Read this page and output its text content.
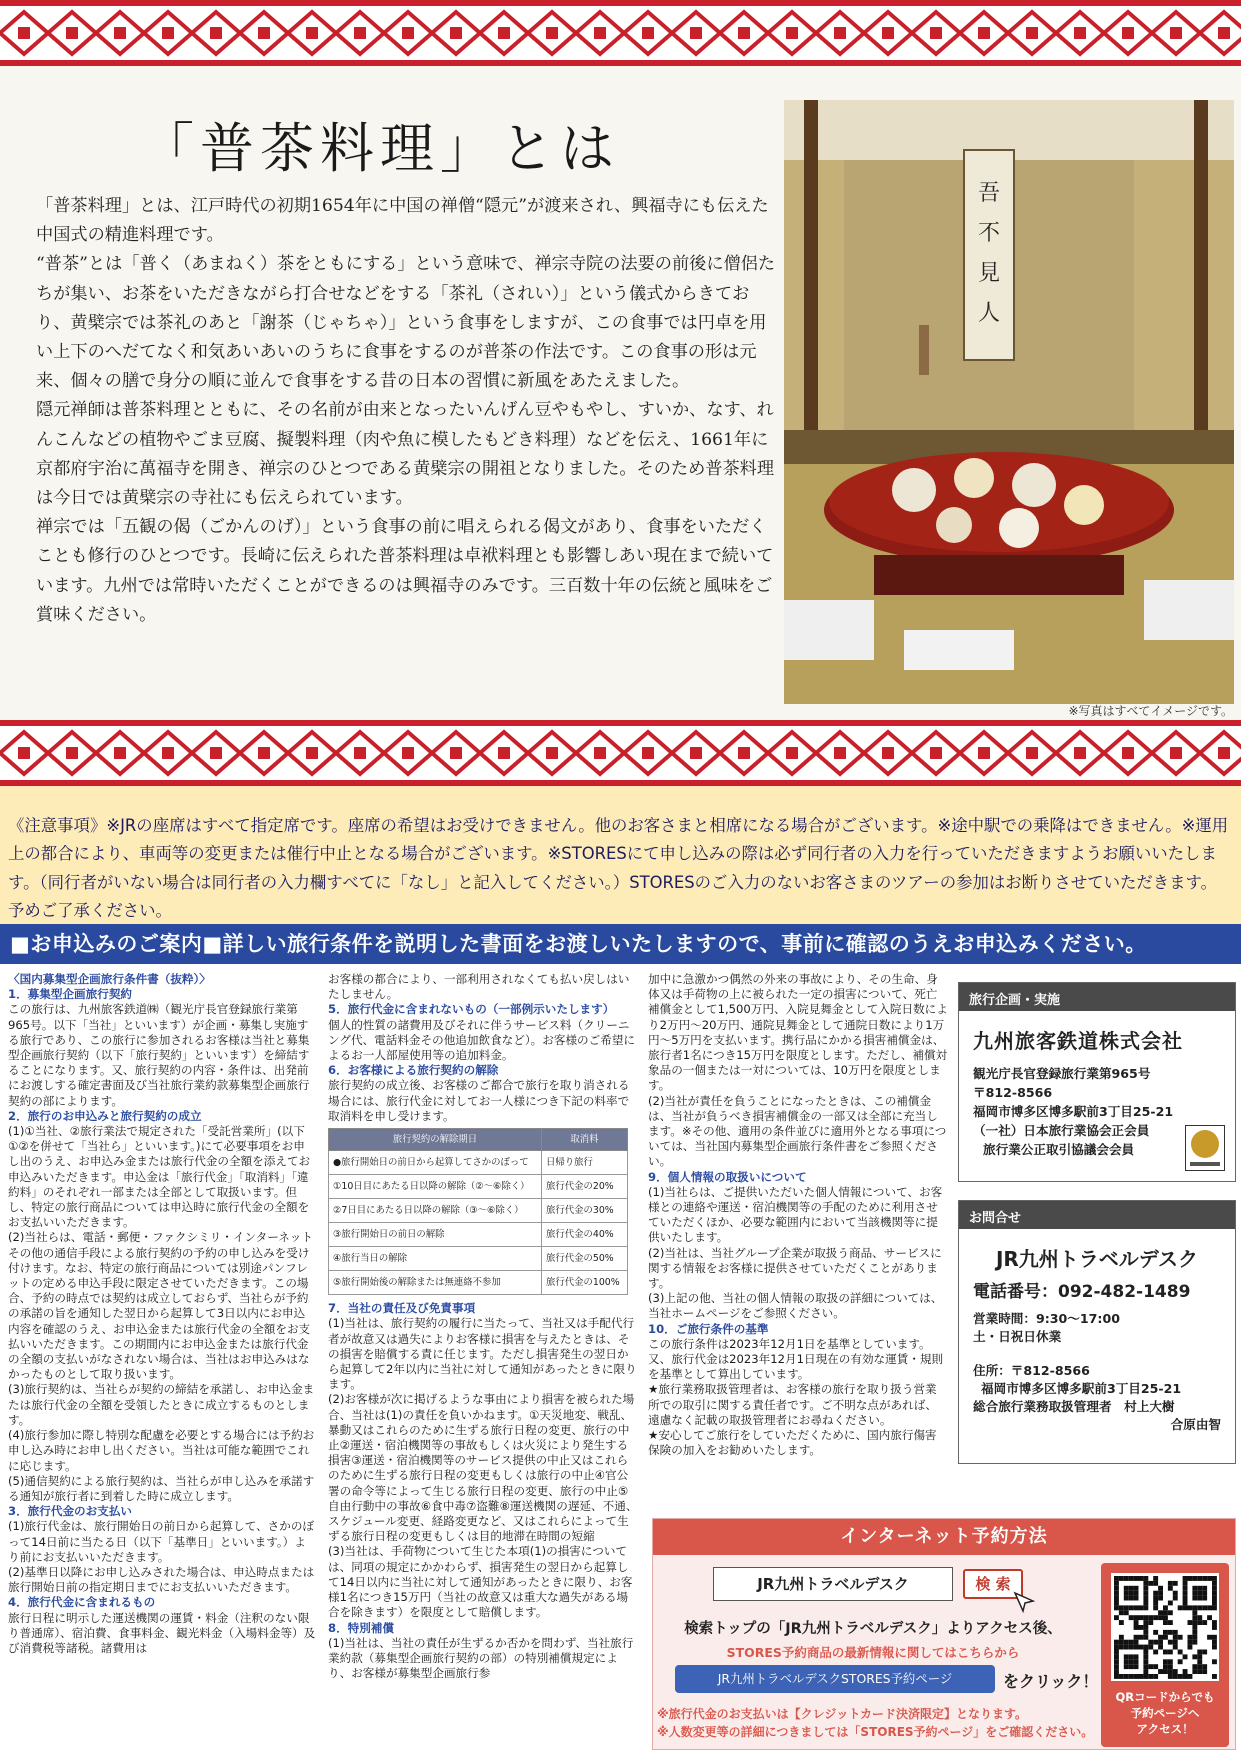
「普茶料理」とは

「普茶料理」とは、江戸時代の初期1654年に中国の禅僧“隠元”が渡来され、興福寺にも伝えた中国式の精進料理です。

“普茶”とは「普く（あまねく）茶をともにする」という意味で、禅宗寺院の法要の前後に僧侶たちが集い、お茶をいただきながら打合せなどをする「茶礼（されい）」という儀式からきており、黄檗宗では茶礼のあと「謝茶（じゃちゃ）」という食事をしますが、この食事では円卓を用い上下のへだてなく和気あいあいのうちに食事をするのが普茶の作法です。この食事の形は元来、個々の膳で身分の順に並んで食事をする昔の日本の習慣に新風をあたえました。

隠元禅師は普茶料理とともに、その名前が由来となったいんげん豆やもやし、すいか、なす、れんこんなどの植物やごま豆腐、擬製料理（肉や魚に模したもどき料理）などを伝え、1661年に京都府宇治に萬福寺を開き、禅宗のひとつである黄檗宗の開祖となりました。そのため普茶料理は今日では黄檗宗の寺社にも伝えられています。

禅宗では「五観の偈（ごかんのげ）」という食事の前に唱えられる偈文があり、食事をいただくことも修行のひとつです。長崎に伝えられた普茶料理は卓袱料理とも影響しあい現在まで続いています。九州では常時いただくことができるのは興福寺のみです。三百数十年の伝統と風味をご賞味ください。

吾
不
見
人
※写真はすべてイメージです。
《注意事項》※JRの座席はすべて指定席です。座席の希望はお受けできません。他のお客さまと相席になる場合がございます。※途中駅での乗降はできません。※運用上の都合により、車両等の変更または催行中止となる場合がございます。※STORESにて申し込みの際は必ず同行者の入力を行っていただきますようお願いいたします。（同行者がいない場合は同行者の入力欄すべてに「なし」と記入してください。）STORESのご入力のないお客さまのツアーの参加はお断りさせていただきます。予めご了承ください。
■お申込みのご案内■詳しい旅行条件を説明した書面をお渡しいたしますので、事前に確認のうえお申込みください。

〈国内募集型企画旅行条件書（抜粋）〉

1．募集型企画旅行契約

この旅行は、九州旅客鉄道㈱（観光庁長官登録旅行業第965号。以下「当社」といいます）が企画・募集し実施する旅行であり、この旅行に参加されるお客様は当社と募集型企画旅行契約（以下「旅行契約」といいます）を締結することになります。又、旅行契約の内容・条件は、出発前にお渡しする確定書面及び当社旅行業約款募集型企画旅行契約の部によります。

2．旅行のお申込みと旅行契約の成立

(1)①当社、②旅行業法で規定された「受託営業所」(以下①②を併せて「当社ら」といいます。)にて必要事項をお申し出のうえ、お申込み金または旅行代金の全額を添えてお申込みいただきます。申込金は「旅行代金」「取消料」「違約料」のそれぞれ一部または全部として取扱います。但し、特定の旅行商品については申込時に旅行代金の全額をお支払いいただきます。

(2)当社らは、電話・郵便・ファクシミリ・インターネットその他の通信手段による旅行契約の予約の申し込みを受け付けます。なお、特定の旅行商品については別途パンフレットの定める申込手段に限定させていただきます。この場合、予約の時点では契約は成立しておらず、当社らが予約の承諾の旨を通知した翌日から起算して3日以内にお申込内容を確認のうえ、お申込金または旅行代金の全額をお支払いいただきます。この期間内にお申込金または旅行代金の全額の支払いがなされない場合は、当社はお申込みはなかったものとして取り扱います。

(3)旅行契約は、当社らが契約の締結を承諾し、お申込金または旅行代金の全額を受領したときに成立するものとします。

(4)旅行参加に際し特別な配慮を必要とする場合には予約お申し込み時にお申し出ください。当社は可能な範囲でこれに応じます。

(5)通信契約による旅行契約は、当社らが申し込みを承諾する通知が旅行者に到着した時に成立します。

3．旅行代金のお支払い

(1)旅行代金は、旅行開始日の前日から起算して、さかのぼって14日前に当たる日（以下「基準日」といいます。）より前にお支払いいただきます。

(2)基準日以降にお申し込みされた場合は、申込時点または旅行開始日前の指定期日までにお支払いいただきます。

4．旅行代金に含まれるもの

旅行日程に明示した運送機関の運賃・料金（注釈のない限り普通席）、宿泊費、食事料金、観光料金（入場料金等）及び消費税等諸税。諸費用は

お客様の都合により、一部利用されなくても払い戻しはいたしません。

5．旅行代金に含まれないもの（一部例示いたします）

個人的性質の諸費用及びそれに伴うサービス料（クリーニング代、電話料金その他追加飲食など）。お客様のご希望によるお一人部屋使用等の追加料金。

6．お客様による旅行契約の解除

旅行契約の成立後、お客様のご都合で旅行を取り消される場合には、旅行代金に対してお一人様につき下記の料率で取消料を申し受けます。

旅行契約の解除期日	取消料
●旅行開始日の前日から起算してさかのぼって	日帰り旅行
①10日目にあたる日以降の解除（②～⑥除く）	旅行代金の20%
②7日目にあたる日以降の解除（③～⑥除く）	旅行代金の30%
③旅行開始日の前日の解除	旅行代金の40%
④旅行当日の解除	旅行代金の50%
⑤旅行開始後の解除または無連絡不参加	旅行代金の100%

7．当社の責任及び免責事項

(1)当社は、旅行契約の履行に当たって、当社又は手配代行者が故意又は過失によりお客様に損害を与えたときは、その損害を賠償する責に任じます。ただし損害発生の翌日から起算して2年以内に当社に対して通知があったときに限ります。

(2)お客様が次に掲げるような事由により損害を被られた場合、当社は(1)の責任を負いかねます。①天災地変、戦乱、暴動又はこれらのために生ずる旅行日程の変更、旅行の中止②運送・宿泊機関等の事故もしくは火災により発生する損害③運送・宿泊機関等のサービス提供の中止又はこれらのために生ずる旅行日程の変更もしくは旅行の中止④官公署の命令等によって生じる旅行日程の変更、旅行の中止⑤自由行動中の事故⑥食中毒⑦盗難⑧運送機関の遅延、不通、スケジュール変更、経路変更など、又はこれらによって生ずる旅行日程の変更もしくは目的地滞在時間の短縮

(3)当社は、手荷物について生じた本項(1)の損害については、同項の規定にかかわらず、損害発生の翌日から起算して14日以内に当社に対して通知があったときに限り、お客様1名につき15万円（当社の故意又は重大な過失がある場合を除きます）を限度として賠償します。

8．特別補償

(1)当社は、当社の責任が生ずるか否かを問わず、当社旅行業約款（募集型企画旅行契約の部）の特別補償規定により、お客様が募集型企画旅行参

加中に急激かつ偶然の外来の事故により、その生命、身体又は手荷物の上に被られた一定の損害について、死亡補償金として1,500万円、入院見舞金として入院日数により2万円～20万円、通院見舞金として通院日数により1万円～5万円を支払います。携行品にかかる損害補償金は、旅行者1名につき15万円を限度とします。ただし、補償対象品の一個または一対については、10万円を限度とします。

(2)当社が責任を負うことになったときは、この補償金は、当社が負うべき損害補償金の一部又は全部に充当します。※その他、適用の条件並びに適用外となる事項については、当社国内募集型企画旅行条件書をご参照ください。

9．個人情報の取扱いについて

(1)当社らは、ご提供いただいた個人情報について、お客様との連絡や運送・宿泊機関等の手配のために利用させていただくほか、必要な範囲内において当該機関等に提供いたします。

(2)当社は、当社グループ企業が取扱う商品、サービスに関する情報をお客様に提供させていただくことがあります。

(3)上記の他、当社の個人情報の取扱の詳細については、当社ホームページをご参照ください。

10．ご旅行条件の基準

この旅行条件は2023年12月1日を基準としています。又、旅行代金は2023年12月1日現在の有効な運賃・規則を基準として算出しています。

★旅行業務取扱管理者は、お客様の旅行を取り扱う営業所での取引に関する責任者です。ご不明な点があれば、遠慮なく記載の取扱管理者にお尋ねください。

★安心してご旅行をしていただくために、国内旅行傷害保険の加入をお勧めいたします。

旅行企画・実施
九州旅客鉄道株式会社
観光庁長官登録旅行業第965号
〒812-8566
福岡市博多区博多駅前3丁目25-21
（一社）日本旅行業協会正会員
旅行業公正取引協議会会員
お問合せ
JR九州トラベルデスク
電話番号：092-482-1489
営業時間：9:30～17:00
土・日祝日休業
住所：〒812-8566
福岡市博多区博多駅前3丁目25-21
総合旅行業務取扱管理者　村上大樹
合原由智
インターネット予約方法
JR九州トラベルデスク	検 索
検索トップの「JR九州トラベルデスク」よりアクセス後、
STORES予約商品の最新情報に関してはこちらから
JR九州トラベルデスクSTORES予約ページ	をクリック！
※旅行代金のお支払いは【クレジットカード決済限定】となります。
※人数変更等の詳細につきましては「STORES予約ページ」をご確認ください。
QRコードからでも
予約ページへ
アクセス！
